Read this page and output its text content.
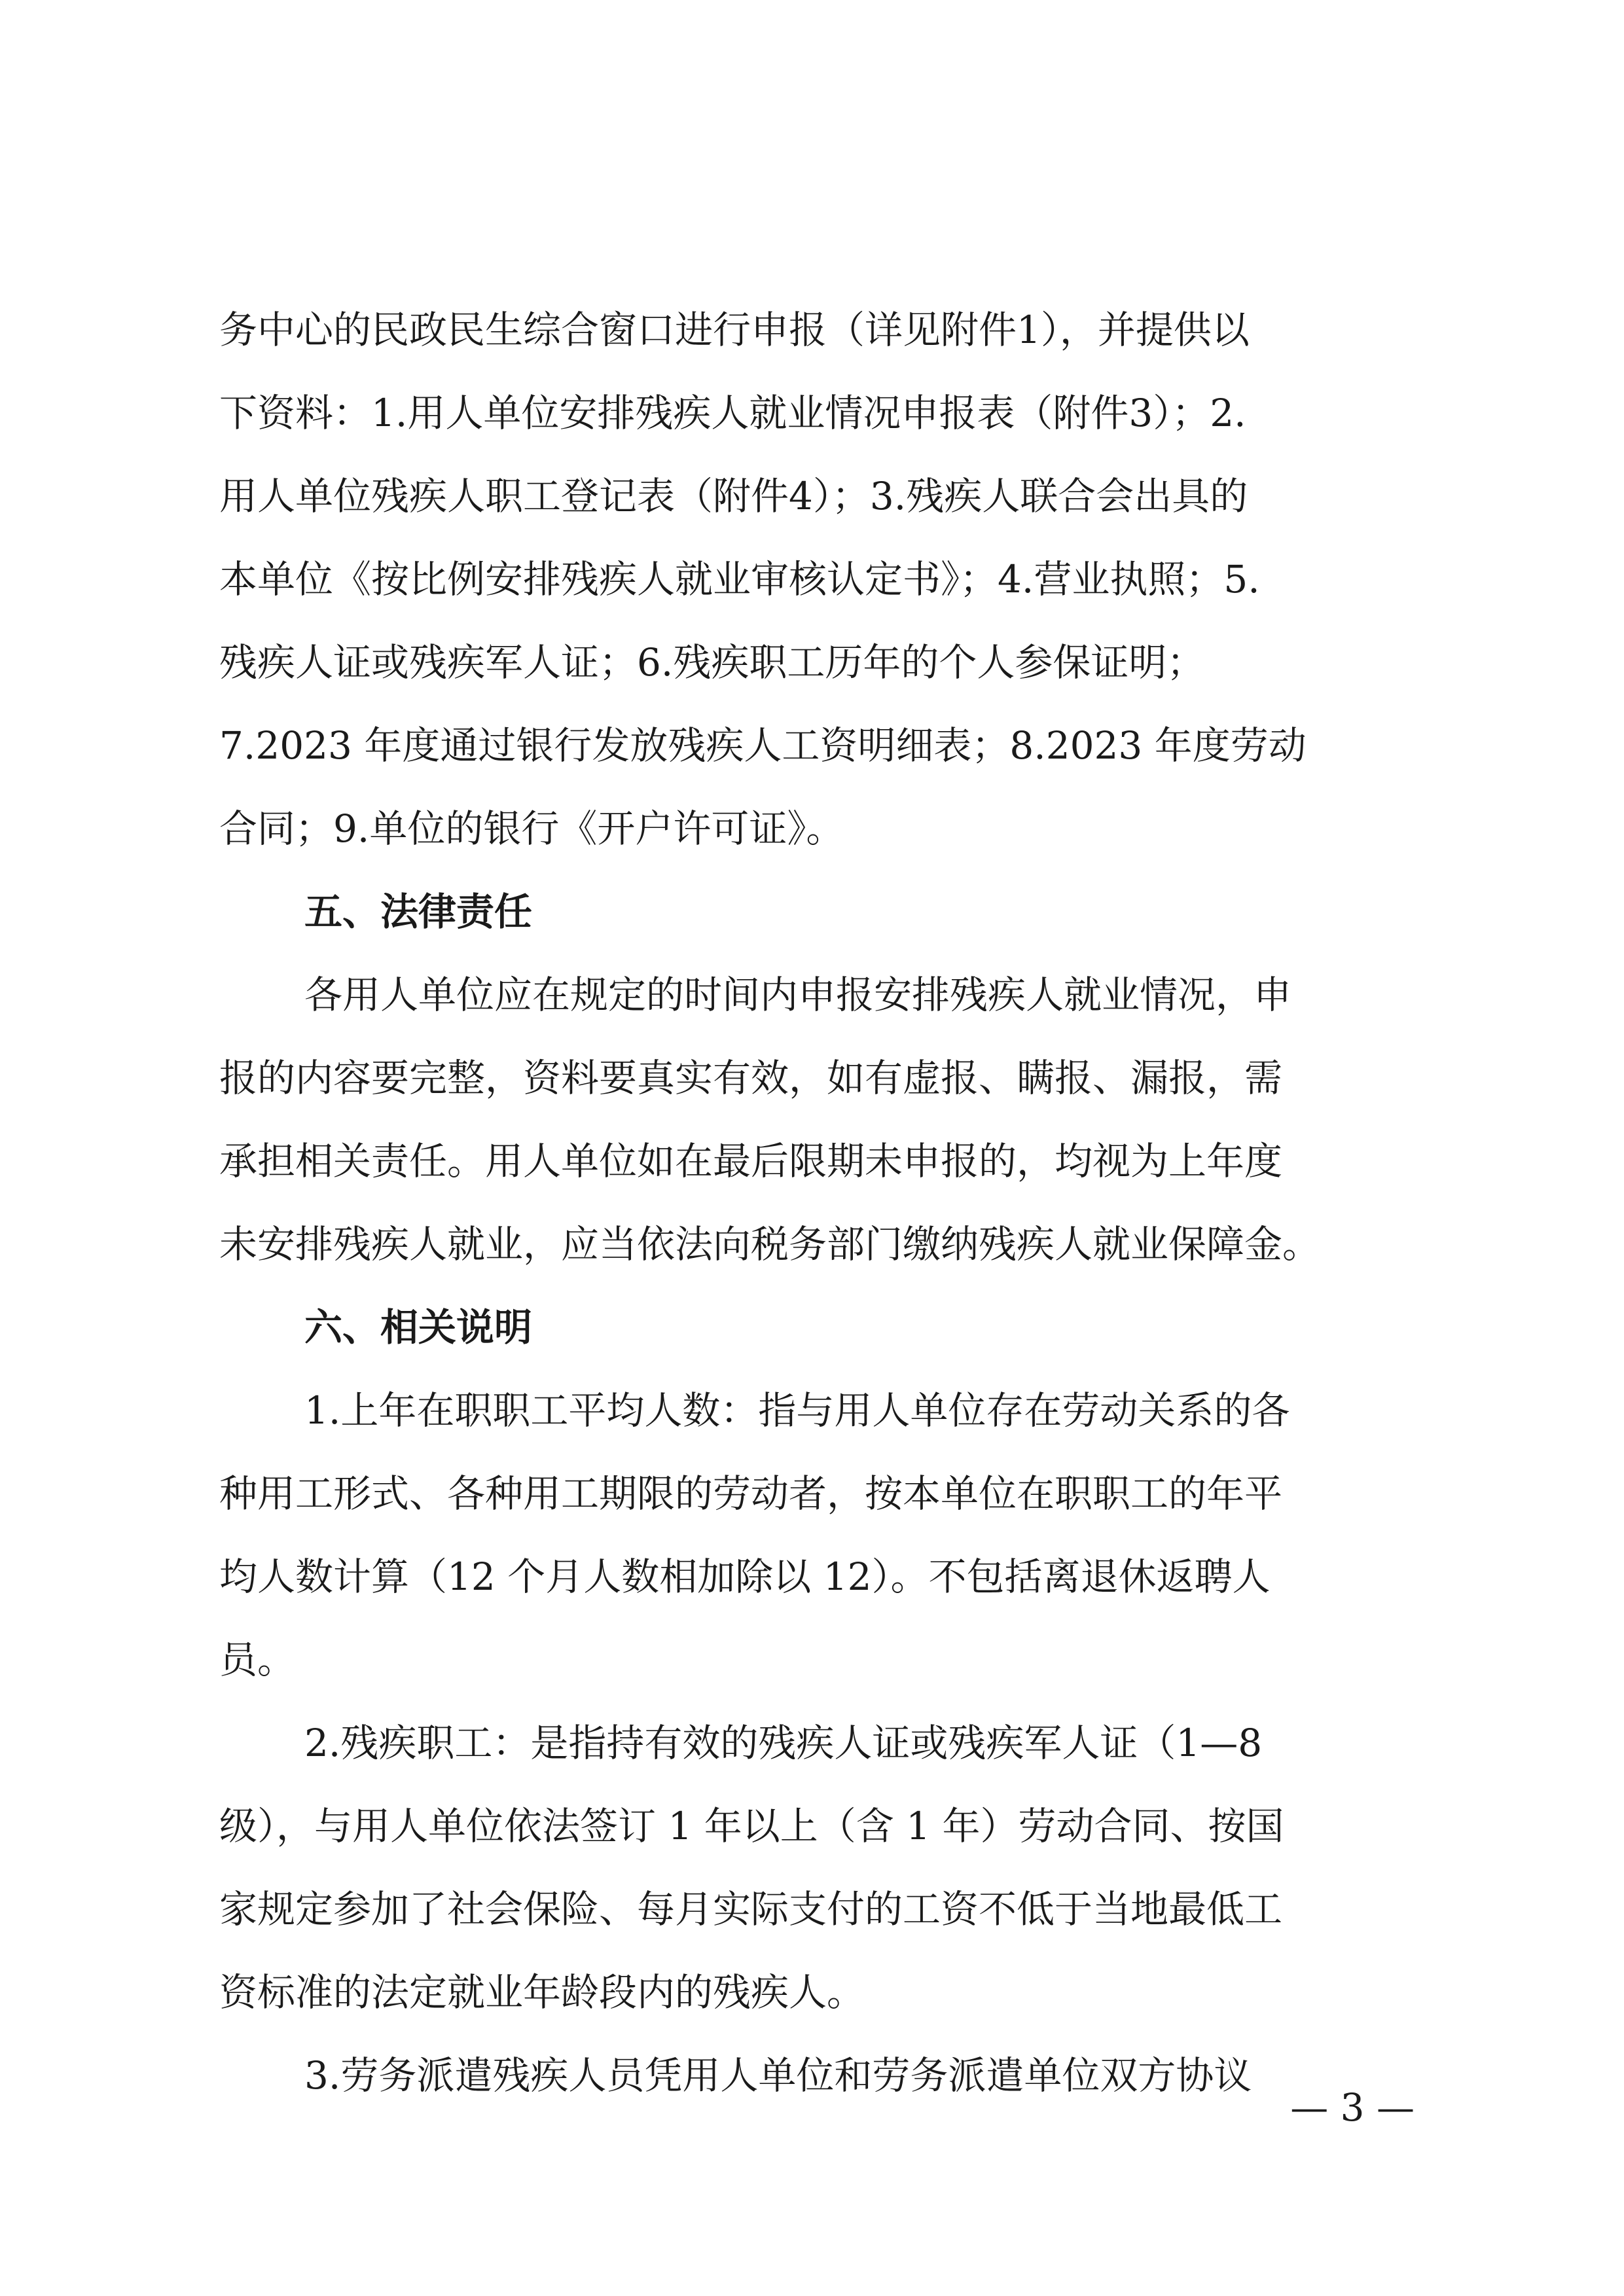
务中心的民政民生综合窗口进行申报（详见附件1），并提供以

下资料：1.用人单位安排残疾人就业情况申报表（附件3）；2.

用人单位残疾人职工登记表（附件4）；3.残疾人联合会出具的

本单位《按比例安排残疾人就业审核认定书》；4.营业执照；5.

残疾人证或残疾军人证；6.残疾职工历年的个人参保证明；

7.2023 年度通过银行发放残疾人工资明细表；8.2023 年度劳动

合同；9.单位的银行《开户许可证》。

五、法律责任

各用人单位应在规定的时间内申报安排残疾人就业情况，申

报的内容要完整，资料要真实有效，如有虚报、瞒报、漏报，需

承担相关责任。用人单位如在最后限期未申报的，均视为上年度

未安排残疾人就业，应当依法向税务部门缴纳残疾人就业保障金。

六、相关说明

1.上年在职职工平均人数：指与用人单位存在劳动关系的各

种用工形式、各种用工期限的劳动者，按本单位在职职工的年平

均人数计算（12 个月人数相加除以 12）。不包括离退休返聘人

员。

2.残疾职工：是指持有效的残疾人证或残疾军人证（1—8

级），与用人单位依法签订 1 年以上（含 1 年）劳动合同、按国

家规定参加了社会保险、每月实际支付的工资不低于当地最低工

资标准的法定就业年龄段内的残疾人。

3.劳务派遣残疾人员凭用人单位和劳务派遣单位双方协议

— 3 —
